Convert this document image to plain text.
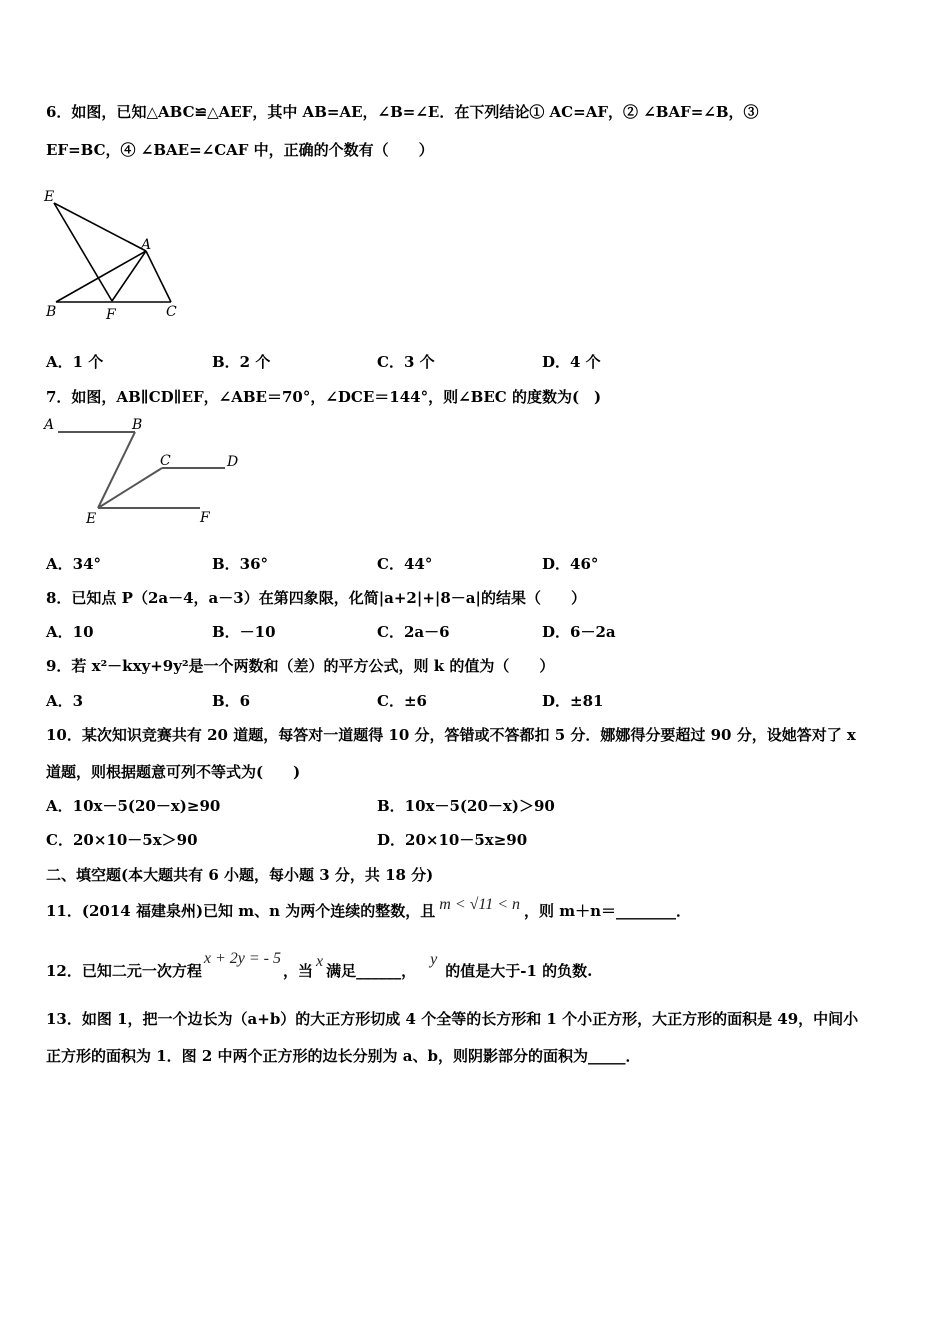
6．如图，已知△ABC≌△AEF，其中 AB=AE，∠B=∠E．在下列结论① AC=AF，② ∠BAF=∠B，③
EF=BC，④ ∠BAE=∠CAF 中，正确的个数有（　　）
E
A
B	F	C
A．1 个	B．2 个	C．3 个	D．4 个
7．如图，AB∥CD∥EF，∠ABE＝70°，∠DCE＝144°，则∠BEC 的度数为(　)
A	B
C	D
E	F
A．34°	B．36°	C．44°	D．46°
8．已知点 P（2a－4，a－3）在第四象限，化简|a+2|+|8－a|的结果（　　）
A．10	B．－10	C．2a－6	D．6－2a
9．若 x²－kxy+9y²是一个两数和（差）的平方公式，则 k 的值为（　　）
A．3	B．6	C．±6	D．±81
10．某次知识竞赛共有 20 道题，每答对一道题得 10 分，答错或不答都扣 5 分．娜娜得分要超过 90 分，设她答对了 x
道题，则根据题意可列不等式为(　　)
A．10x－5(20－x)≥90	B．10x－5(20－x)＞90
C．20×10－5x＞90	D．20×10－5x≥90
二、填空题(本大题共有 6 小题，每小题 3 分，共 18 分)
11．(2014 福建泉州)已知 m、n 为两个连续的整数，且 m < √11 < n ，则 m＋n＝________．
12．已知二元一次方程x + 2y = - 5，当x满足______，y的值是大于-1 的负数.
13．如图 1，把一个边长为（a+b）的大正方形切成 4 个全等的长方形和 1 个小正方形，大正方形的面积是 49，中间小
正方形的面积为 1．图 2 中两个正方形的边长分别为 a、b，则阴影部分的面积为_____．
